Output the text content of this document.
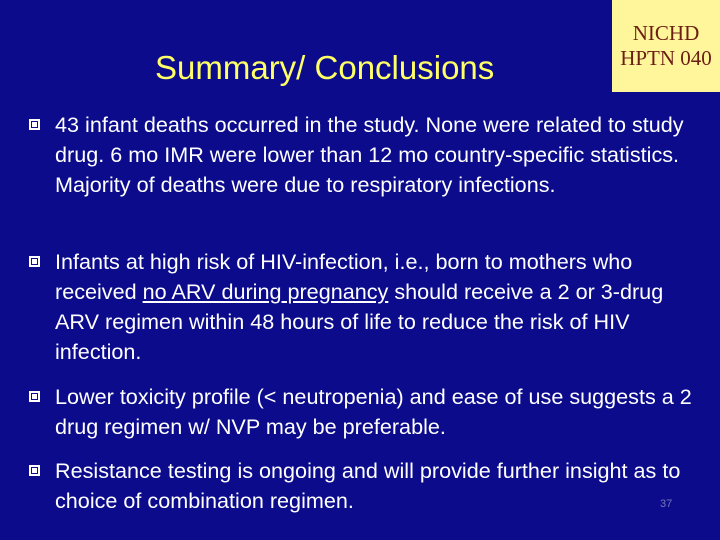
Summary/ Conclusions
NICHD
HPTN 040
43 infant deaths occurred in the study. None were related to study drug. 6 mo IMR were lower than 12 mo country-specific statistics. Majority of deaths were due to respiratory infections.
Infants at high risk of HIV-infection, i.e., born to mothers who received no ARV during pregnancy should receive a 2 or 3-drug ARV regimen within 48 hours of life to reduce the risk of HIV infection.
Lower toxicity profile (< neutropenia) and ease of use suggests a 2 drug regimen w/ NVP may be preferable.
Resistance testing is ongoing and will provide further insight as to choice of combination regimen.	37
